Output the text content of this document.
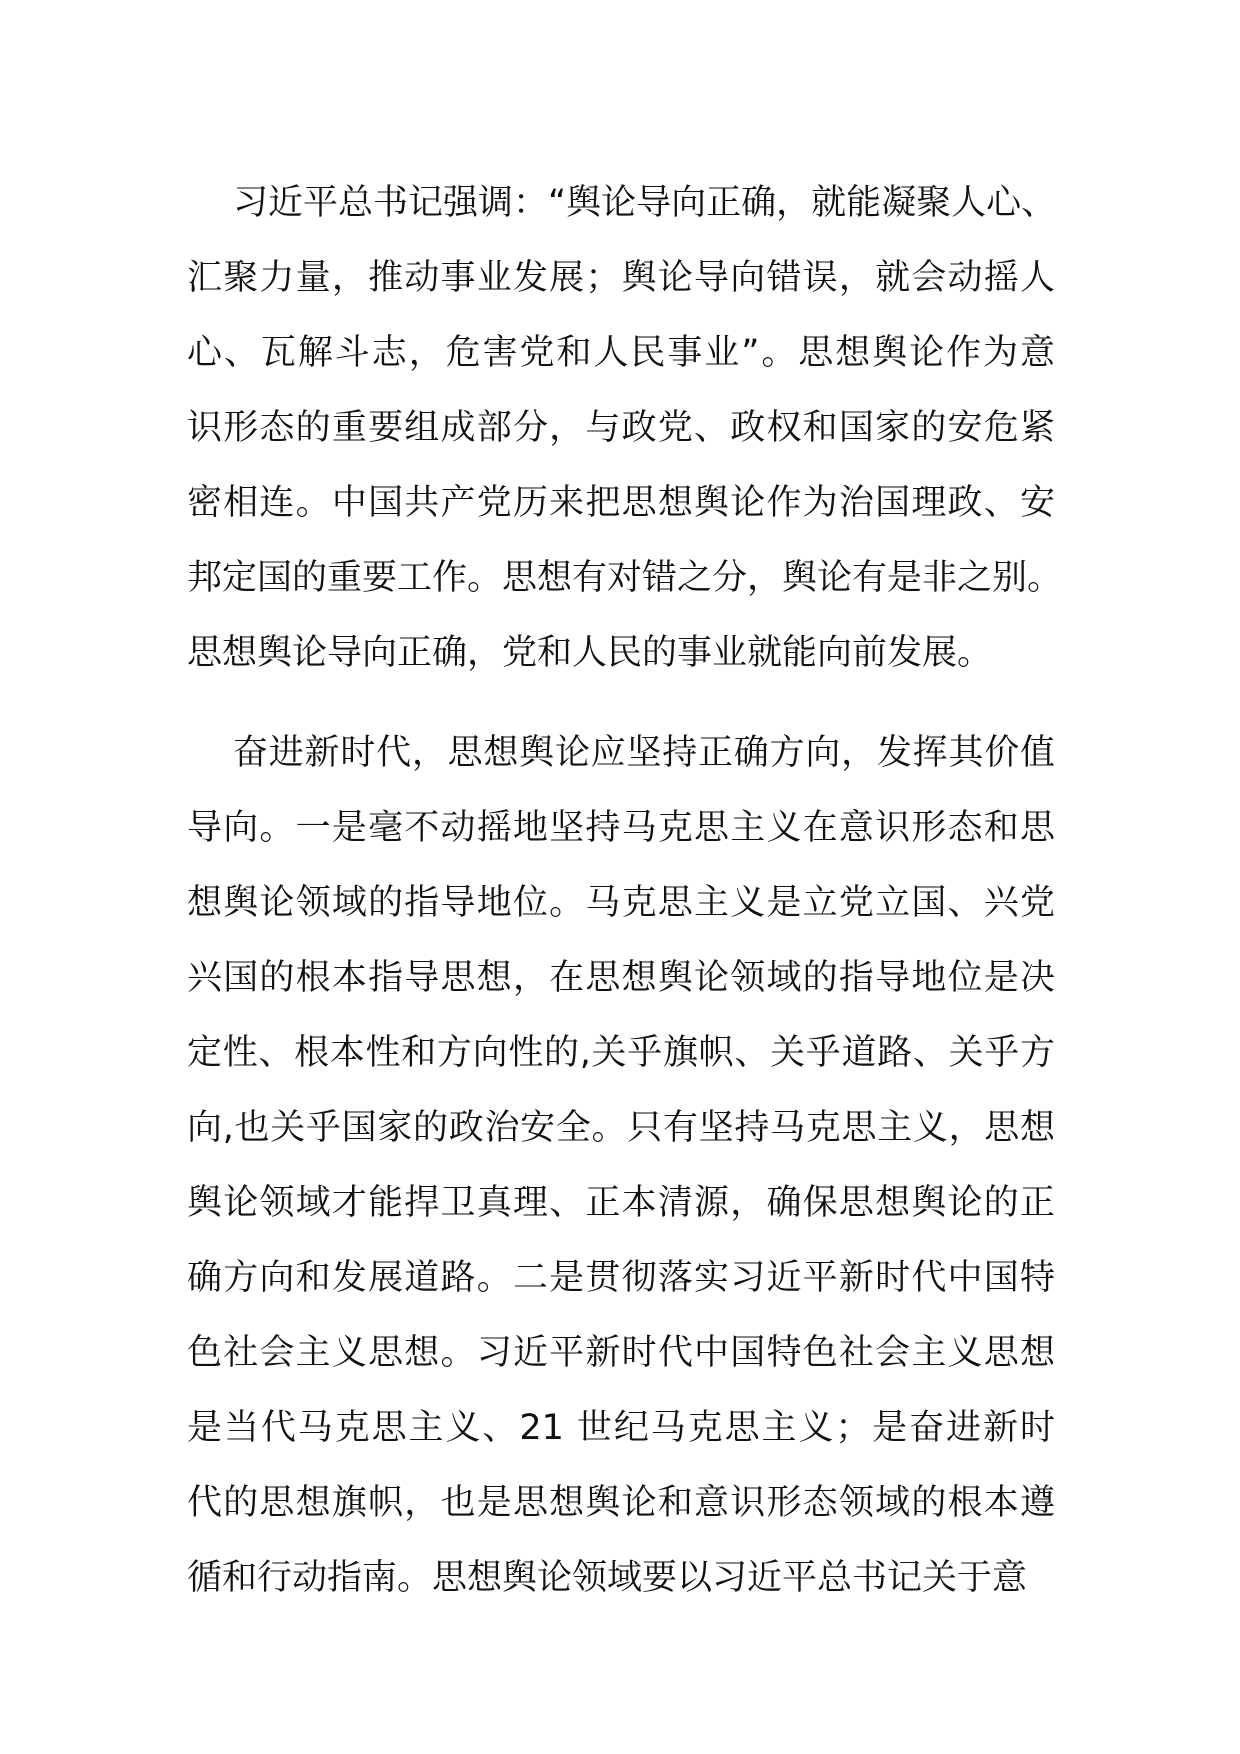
习近平总书记强调：“舆论导向正确，就能凝聚人心、
汇聚力量，推动事业发展；舆论导向错误，就会动摇人
心、瓦解斗志，危害党和人民事业”。思想舆论作为意
识形态的重要组成部分，与政党、政权和国家的安危紧
密相连。中国共产党历来把思想舆论作为治国理政、安
邦定国的重要工作。思想有对错之分，舆论有是非之别。
思想舆论导向正确，党和人民的事业就能向前发展。
奋进新时代，思想舆论应坚持正确方向，发挥其价值
导向。一是毫不动摇地坚持马克思主义在意识形态和思
想舆论领域的指导地位。马克思主义是立党立国、兴党
兴国的根本指导思想，在思想舆论领域的指导地位是决
定性、根本性和方向性的,关乎旗帜、关乎道路、关乎方
向,也关乎国家的政治安全。只有坚持马克思主义，思想
舆论领域才能捍卫真理、正本清源，确保思想舆论的正
确方向和发展道路。二是贯彻落实习近平新时代中国特
色社会主义思想。习近平新时代中国特色社会主义思想
是当代马克思主义、21 世纪马克思主义；是奋进新时
代的思想旗帜，也是思想舆论和意识形态领域的根本遵
循和行动指南。思想舆论领域要以习近平总书记关于意
